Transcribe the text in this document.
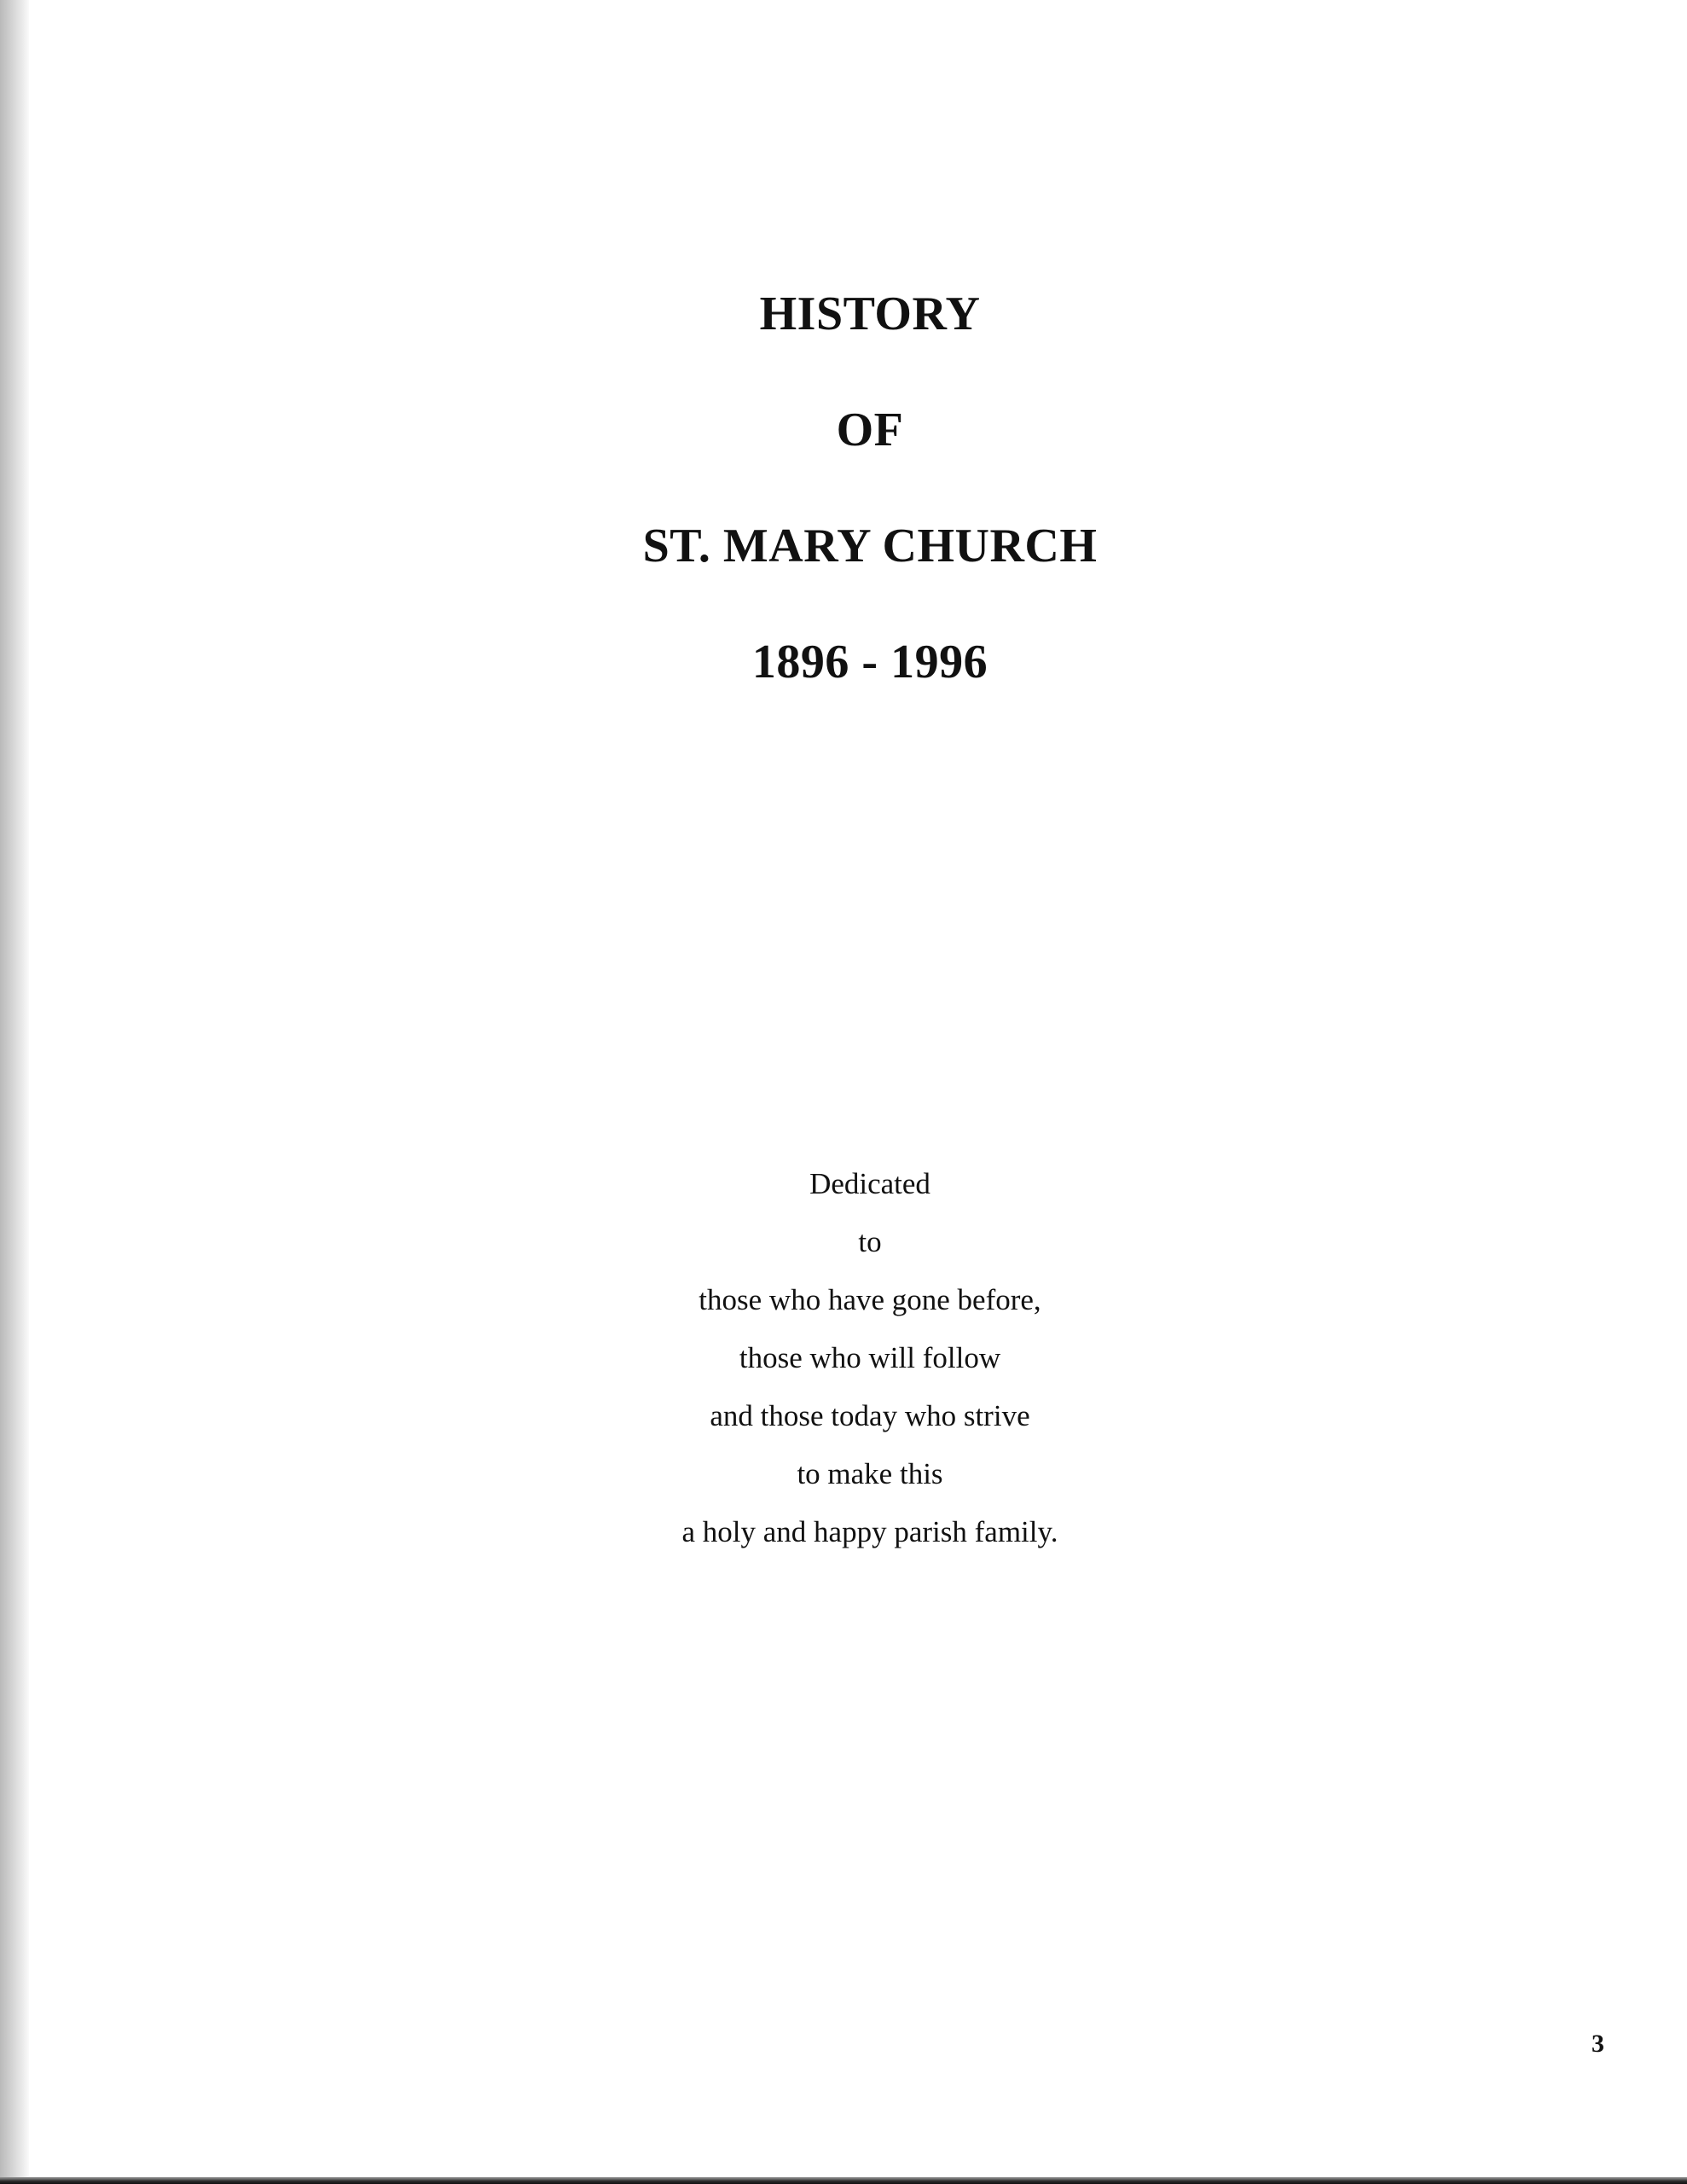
HISTORY
OF
ST. MARY CHURCH
1896 - 1996
Dedicated
to
those who have gone before,
those who will follow
and those today who strive
to make this
a holy and happy parish family.
3
